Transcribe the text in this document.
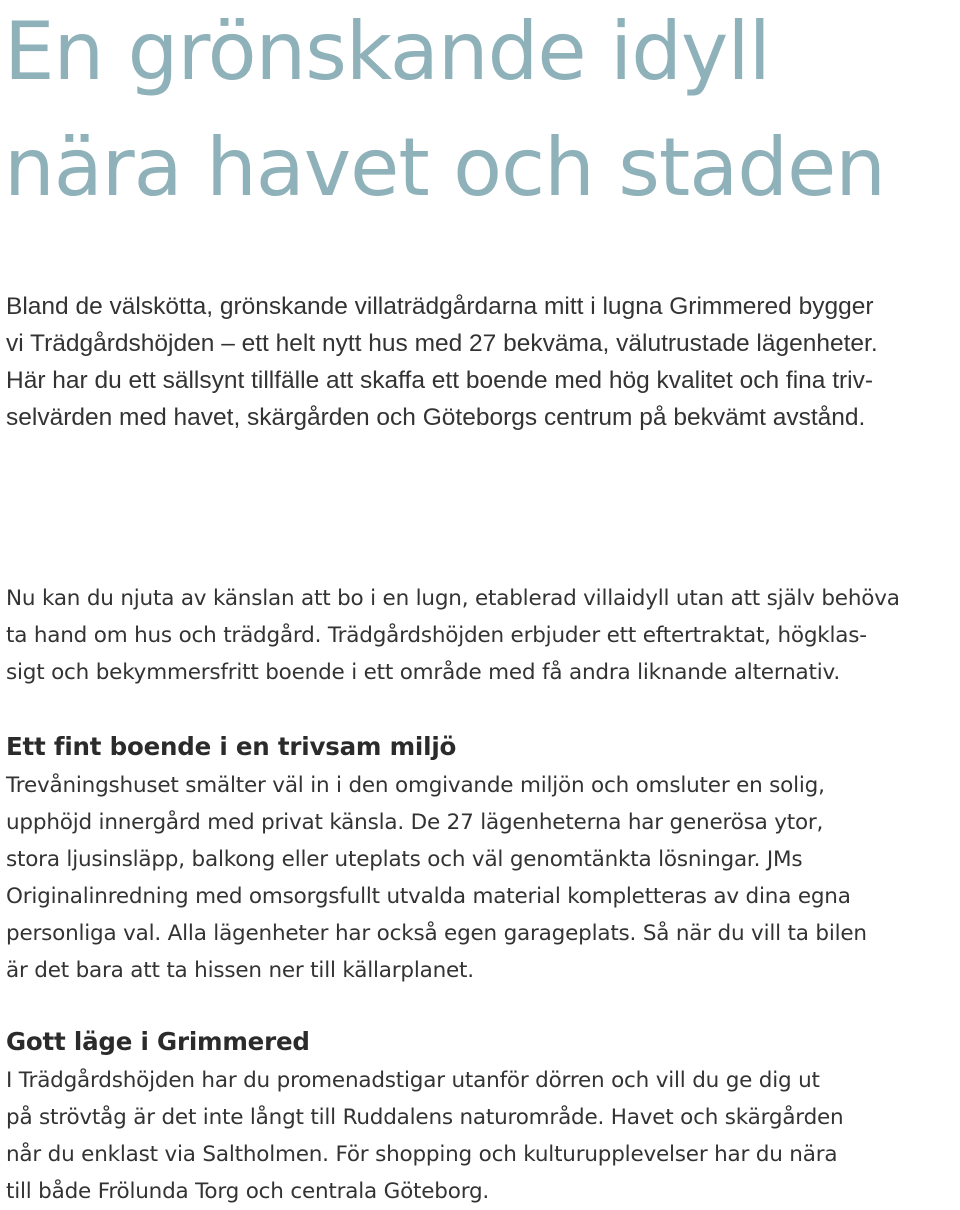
En grönskande idyll
nära havet och staden

Bland de välskötta, grönskande villaträdgårdarna mitt i lugna Grimmered bygger
vi Trädgårdshöjden – ett helt nytt hus med 27 bekväma, välutrustade lägenheter.
Här har du ett sällsynt tillfälle att skaffa ett boende med hög kvalitet och fina triv-
selvärden med havet, skärgården och Göteborgs centrum på bekvämt avstånd.

Nu kan du njuta av känslan att bo i en lugn, etablerad villaidyll utan att själv behöva
ta hand om hus och trädgård. Trädgårdshöjden erbjuder ett eftertraktat, högklas-
sigt och bekymmersfritt boende i ett område med få andra liknande alternativ.

Ett fint boende i en trivsam miljö

Trevåningshuset smälter väl in i den omgivande miljön och omsluter en solig,
upphöjd innergård med privat känsla. De 27 lägenheterna har generösa ytor,
stora ljusinsläpp, balkong eller uteplats och väl genomtänkta lösningar. JMs
Originalinredning med omsorgsfullt utvalda material kompletteras av dina egna
personliga val. Alla lägenheter har också egen garageplats. Så när du vill ta bilen
är det bara att ta hissen ner till källarplanet.

Gott läge i Grimmered

I Trädgårdshöjden har du promenadstigar utanför dörren och vill du ge dig ut
på strövtåg är det inte långt till Ruddalens naturområde. Havet och skärgården
når du enklast via Saltholmen. För shopping och kulturupplevelser har du nära
till både Frölunda Torg och centrala Göteborg.
